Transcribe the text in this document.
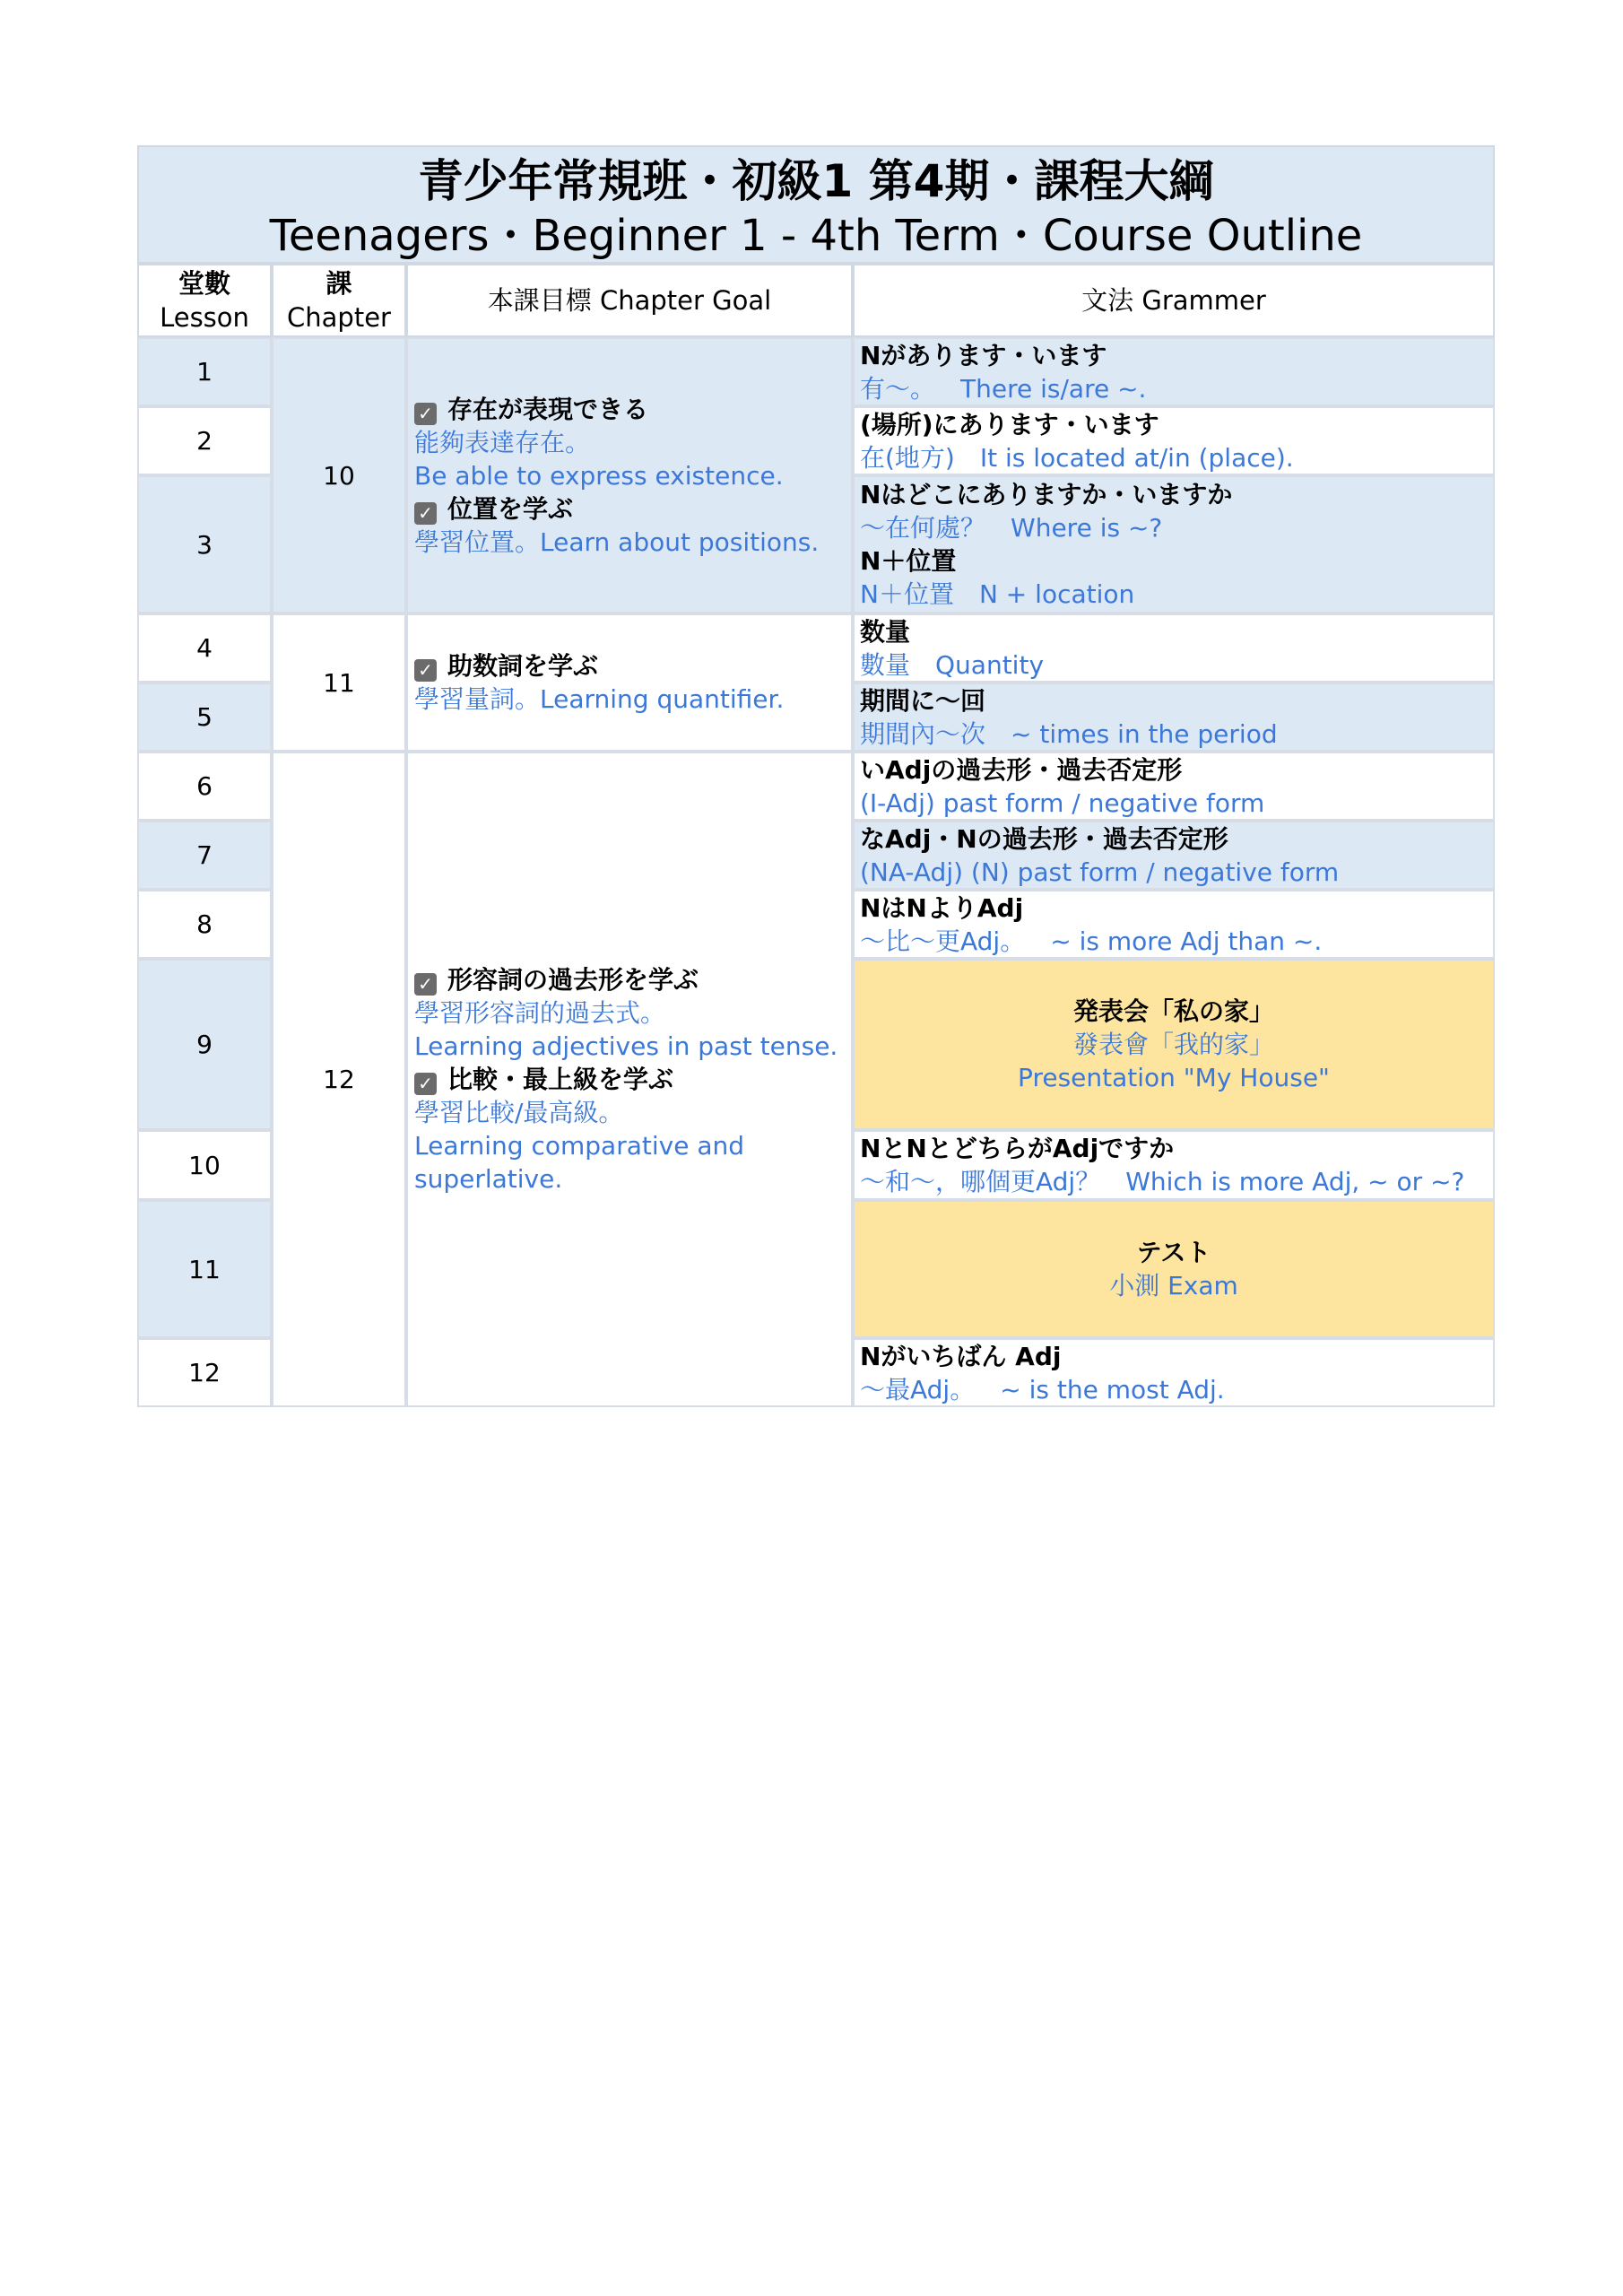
青少年常規班・初級1 第4期・課程大綱
Teenagers・Beginner 1 - 4th Term・Course Outline
堂數
Lesson
課
Chapter
本課目標 Chapter Goal	文法 Grammer
1
2
3
4
5
6
7
8
9
10
11
12
10
11
12
✓ 存在が表現できる
能夠表達存在。
Be able to express existence.
✓ 位置を学ぶ
學習位置。Learn about positions.
✓ 助数詞を学ぶ
學習量詞。Learning quantifier.
✓ 形容詞の過去形を学ぶ
學習形容詞的過去式。
Learning adjectives in past tense.
✓ 比較・最上級を学ぶ
學習比較/最高級。
Learning comparative and
superlative.
Nがあります・います
有〜。 There is/are ~.
(場所)にあります・います
在(地方) It is located at/in (place).
Nはどこにありますか・いますか
〜在何處？ Where is ~?
N＋位置
N＋位置 N + location
数量
數量 Quantity
期間に〜回
期間內〜次 ~ times in the period
いAdjの過去形・過去否定形
(I-Adj) past form / negative form
なAdj・Nの過去形・過去否定形
(NA-Adj) (N) past form / negative form
NはNよりAdj
〜比〜更Adj。 ~ is more Adj than ~.
発表会「私の家」
發表會「我的家」
Presentation "My House"
NとNとどちらがAdjですか
〜和〜，哪個更Adj？ Which is more Adj, ~ or ~?
テスト
小測 Exam
Nがいちばん Adj
〜最Adj。 ~ is the most Adj.
